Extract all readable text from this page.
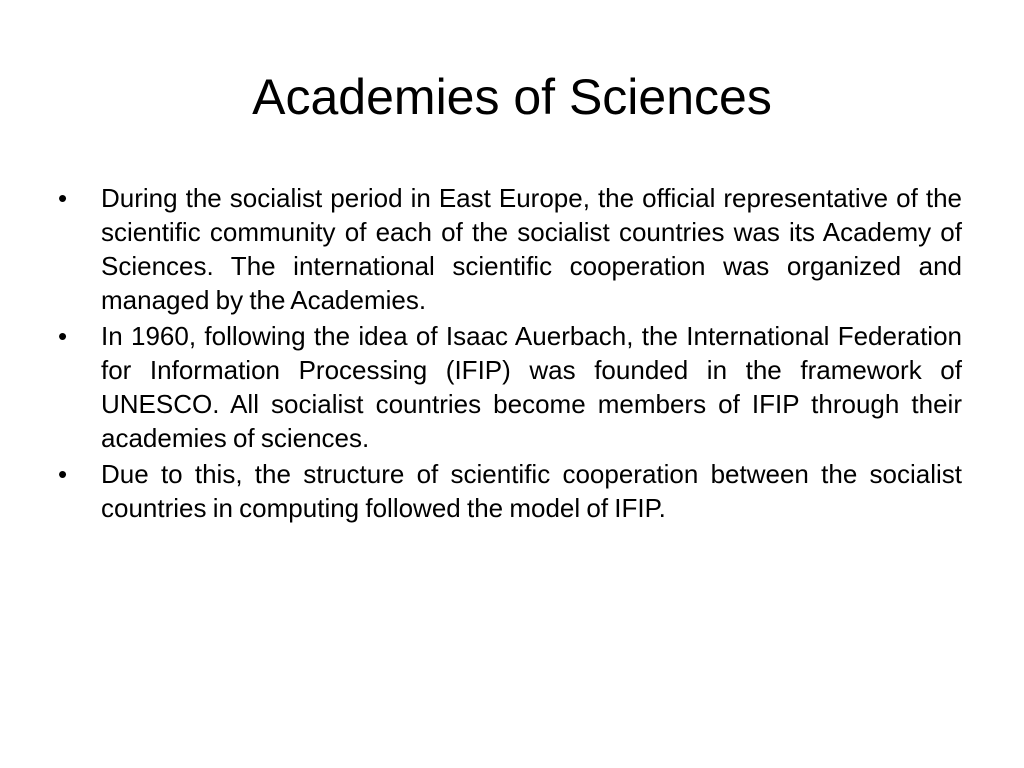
Academies of Sciences
• During the socialist period in East Europe, the official representative of the scientific community of each of the socialist countries was its Academy of Sciences. The international scientific cooperation was organized and managed by the Academies.
• In 1960, following the idea of Isaac Auerbach, the International Federation for Information Processing (IFIP) was founded in the framework of UNESCO. All socialist countries become members of IFIP through their academies of sciences.
• Due to this, the structure of scientific cooperation between the socialist countries in computing followed the model of IFIP.
